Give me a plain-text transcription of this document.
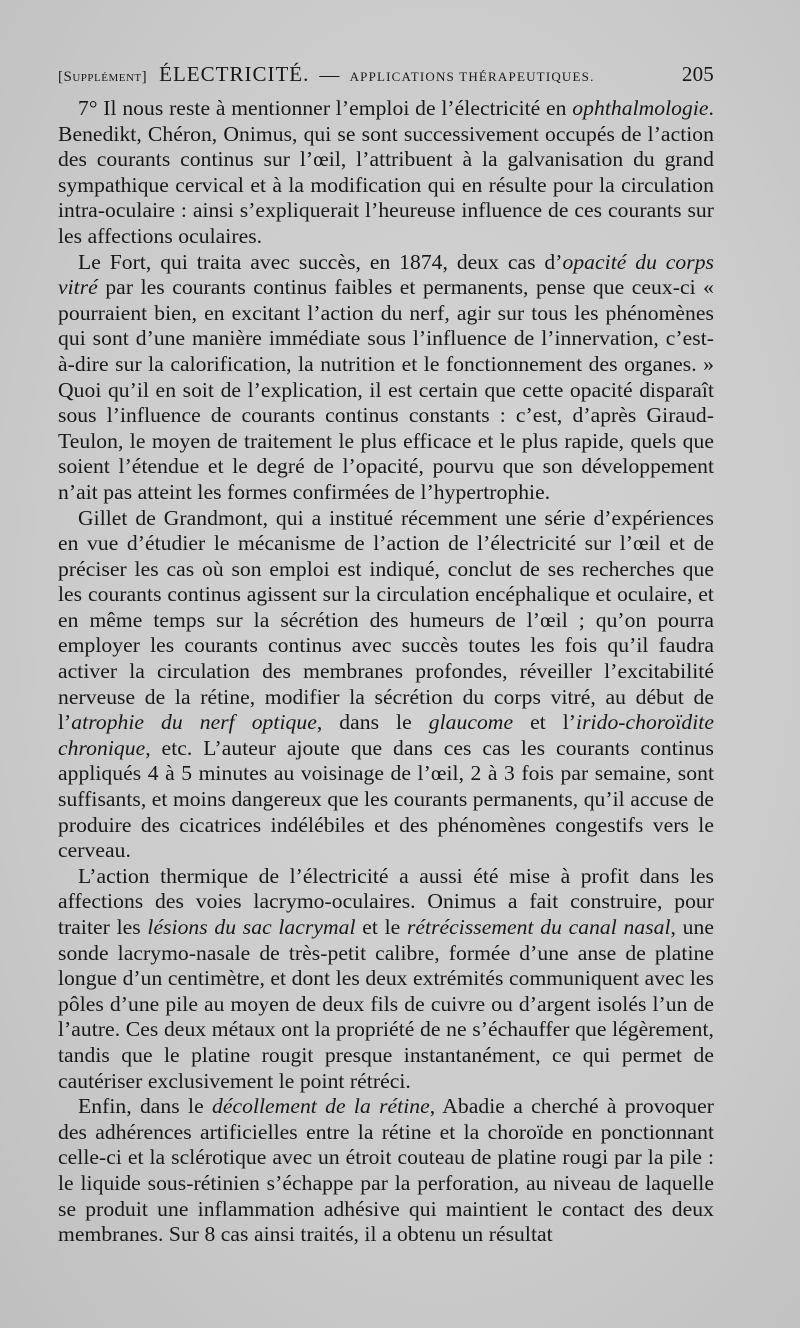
[Supplément] ÉLECTRICITÉ. — APPLICATIONS THÉRAPEUTIQUES.	205

7° Il nous reste à mentionner l’emploi de l’électricité en ophthalmologie. Benedikt, Chéron, Onimus, qui se sont successivement occupés de l’action des courants continus sur l’œil, l’attribuent à la galvanisation du grand sympathique cervical et à la modification qui en résulte pour la circulation intra-oculaire : ainsi s’expliquerait l’heureuse influence de ces courants sur les affections oculaires.

Le Fort, qui traita avec succès, en 1874, deux cas d’opacité du corps vitré par les courants continus faibles et permanents, pense que ceux-ci « pourraient bien, en excitant l’action du nerf, agir sur tous les phénomènes qui sont d’une manière immédiate sous l’influence de l’innervation, c’est-à-dire sur la calorification, la nutrition et le fonctionnement des organes. » Quoi qu’il en soit de l’explication, il est certain que cette opacité disparaît sous l’influence de courants continus constants : c’est, d’après Giraud-Teulon, le moyen de traitement le plus efficace et le plus rapide, quels que soient l’étendue et le degré de l’opacité, pourvu que son développement n’ait pas atteint les formes confirmées de l’hypertrophie.

Gillet de Grandmont, qui a institué récemment une série d’expériences en vue d’étudier le mécanisme de l’action de l’électricité sur l’œil et de préciser les cas où son emploi est indiqué, conclut de ses recherches que les courants continus agissent sur la circulation encéphalique et oculaire, et en même temps sur la sécrétion des humeurs de l’œil ; qu’on pourra employer les courants continus avec succès toutes les fois qu’il faudra activer la circulation des membranes profondes, réveiller l’excitabilité nerveuse de la rétine, modifier la sécrétion du corps vitré, au début de l’atrophie du nerf optique, dans le glaucome et l’irido-choroïdite chronique, etc. L’auteur ajoute que dans ces cas les courants continus appliqués 4 à 5 minutes au voisinage de l’œil, 2 à 3 fois par semaine, sont suffisants, et moins dangereux que les courants permanents, qu’il accuse de produire des cicatrices indélébiles et des phénomènes congestifs vers le cerveau.

L’action thermique de l’électricité a aussi été mise à profit dans les affections des voies lacrymo-oculaires. Onimus a fait construire, pour traiter les lésions du sac lacrymal et le rétrécissement du canal nasal, une sonde lacrymo-nasale de très-petit calibre, formée d’une anse de platine longue d’un centimètre, et dont les deux extrémités communiquent avec les pôles d’une pile au moyen de deux fils de cuivre ou d’argent isolés l’un de l’autre. Ces deux métaux ont la propriété de ne s’échauffer que légèrement, tandis que le platine rougit presque instantanément, ce qui permet de cautériser exclusivement le point rétréci.

Enfin, dans le décollement de la rétine, Abadie a cherché à provoquer des adhérences artificielles entre la rétine et la choroïde en ponctionnant celle-ci et la sclérotique avec un étroit couteau de platine rougi par la pile : le liquide sous-rétinien s’échappe par la perforation, au niveau de laquelle se produit une inflammation adhésive qui maintient le contact des deux membranes. Sur 8 cas ainsi traités, il a obtenu un résultat
